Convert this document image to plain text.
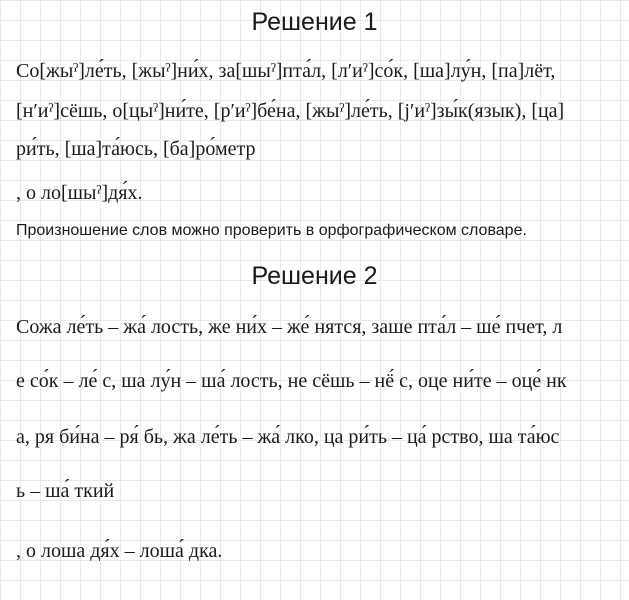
Решение 1
Со[жыˀ]ле́ть, [жыˀ]ни́х, за[шыˀ]пта́л, [л′иˀ]со́к, [ша]лу́н, [па]лёт,
[н′иˀ]сёшь, о[цыˀ]ни́те, [р′иˀ]бе́на, [жыˀ]ле́ть, [j′иˀ]зы́к(язык), [ца]
ри́ть, [ша]та́юсь, [ба]ро́метр
, о ло[шыˀ]дя́х.
Произношение слов можно проверить в орфографическом словаре.
Решение 2
Сожа ле́ть – жа́ лость, же ни́х – же́ нятся, заше пта́л – ше́ пчет, л
е со́к – ле́ с, ша лу́н – ша́ лость, не сёшь – нё́ с, оце ни́те – оце́ нк
а, ря би́на – ря́ бь, жа ле́ть – жа́ лко, ца ри́ть – ца́ рство, ша та́юс
ь – ша́ ткий
, о лоша дя́х – лоша́ дка.
